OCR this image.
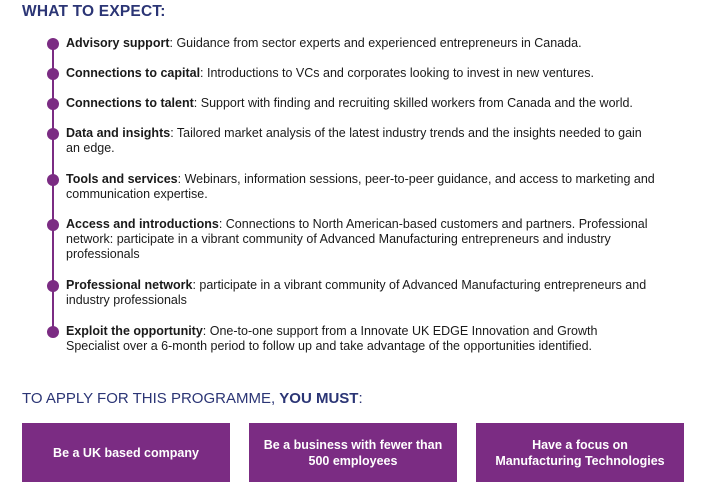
WHAT TO EXPECT:
Advisory support: Guidance from sector experts and experienced entrepreneurs in Canada.
Connections to capital: Introductions to VCs and corporates looking to invest in new ventures.
Connections to talent: Support with finding and recruiting skilled workers from Canada and the world.
Data and insights: Tailored market analysis of the latest industry trends and the insights needed to gain an edge.
Tools and services: Webinars, information sessions, peer-to-peer guidance, and access to marketing and communication expertise.
Access and introductions: Connections to North American-based customers and partners. Professional network: participate in a vibrant community of Advanced Manufacturing entrepreneurs and industry professionals
Professional network: participate in a vibrant community of Advanced Manufacturing entrepreneurs and industry professionals
Exploit the opportunity: One-to-one support from a Innovate UK EDGE Innovation and Growth Specialist over a 6-month period to follow up and take advantage of the opportunities identified.
TO APPLY FOR THIS PROGRAMME, YOU MUST:
Be a UK based company
Be a business with fewer than 500 employees
Have a focus on Manufacturing Technologies
